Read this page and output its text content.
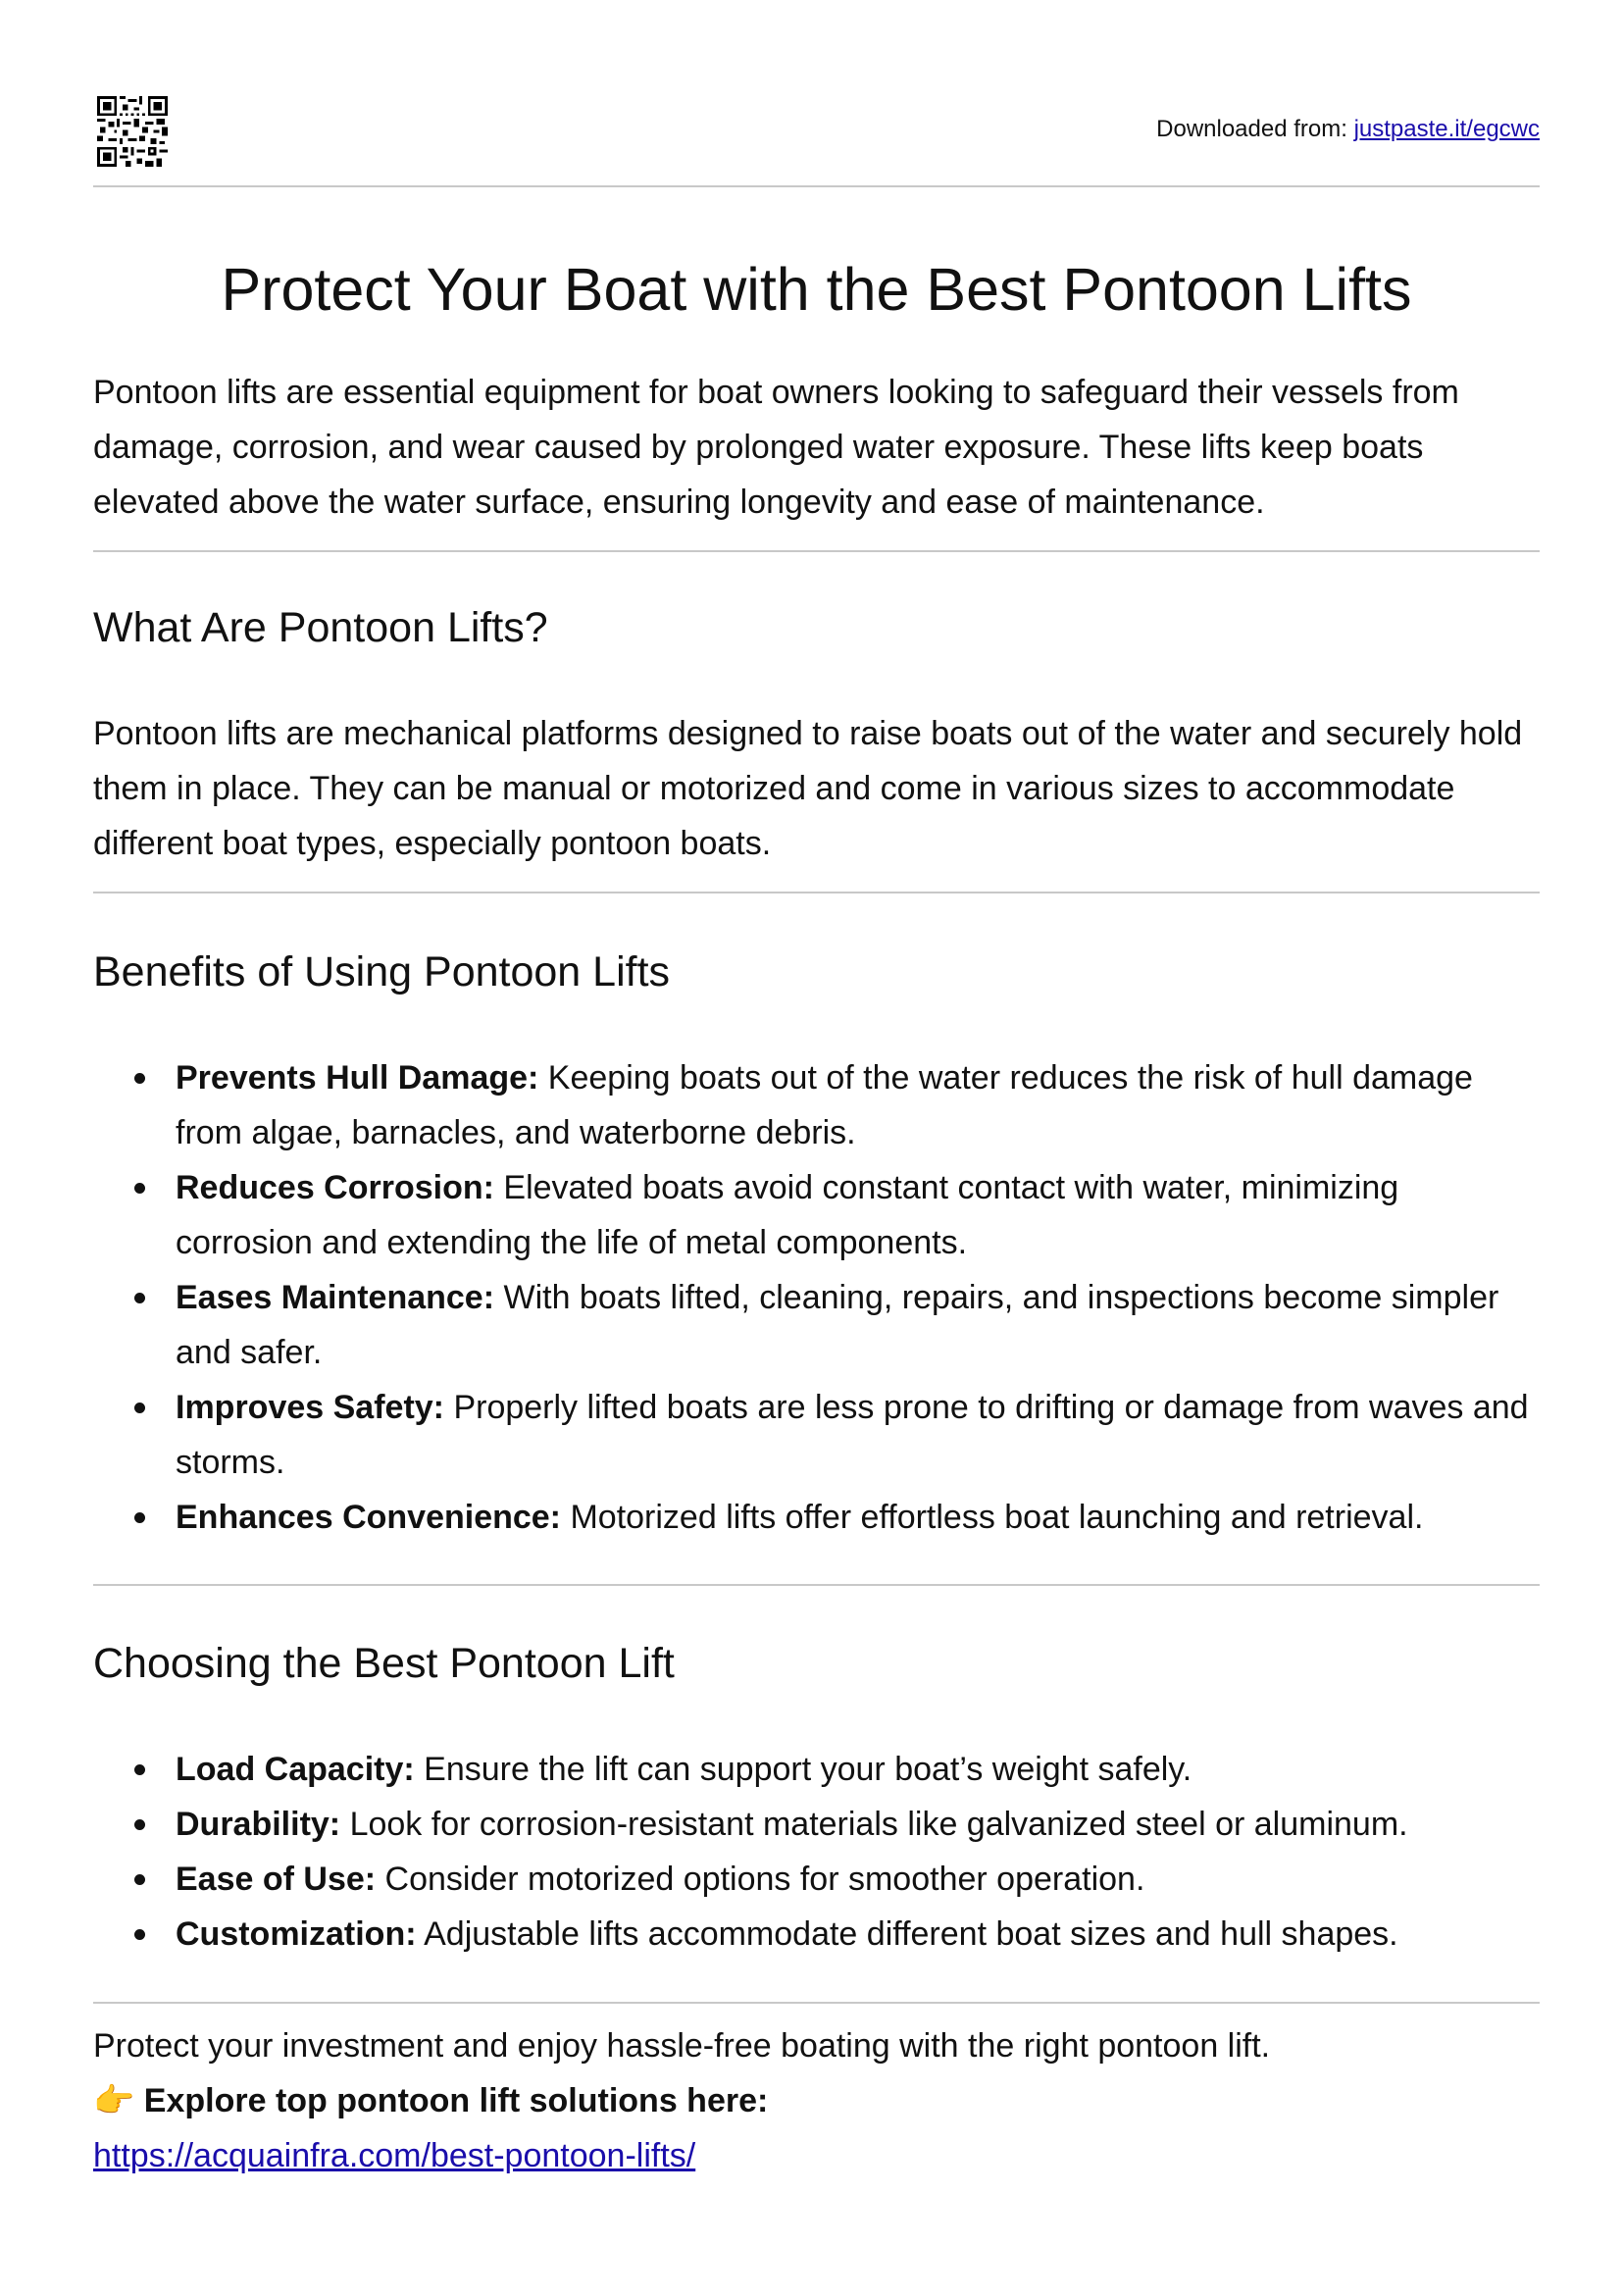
Downloaded from: justpaste.it/egcwc
Protect Your Boat with the Best Pontoon Lifts

Pontoon lifts are essential equipment for boat owners looking to safeguard their vessels from damage, corrosion, and wear caused by prolonged water exposure. These lifts keep boats elevated above the water surface, ensuring longevity and ease of maintenance.

What Are Pontoon Lifts?

Pontoon lifts are mechanical platforms designed to raise boats out of the water and securely hold them in place. They can be manual or motorized and come in various sizes to accommodate different boat types, especially pontoon boats.

Benefits of Using Pontoon Lifts
Prevents Hull Damage: Keeping boats out of the water reduces the risk of hull damage from algae, barnacles, and waterborne debris.
Reduces Corrosion: Elevated boats avoid constant contact with water, minimizing corrosion and extending the life of metal components.
Eases Maintenance: With boats lifted, cleaning, repairs, and inspections become simpler and safer.
Improves Safety: Properly lifted boats are less prone to drifting or damage from waves and storms.
Enhances Convenience: Motorized lifts offer effortless boat launching and retrieval.
Choosing the Best Pontoon Lift
Load Capacity: Ensure the lift can support your boat’s weight safely.
Durability: Look for corrosion-resistant materials like galvanized steel or aluminum.
Ease of Use: Consider motorized options for smoother operation.
Customization: Adjustable lifts accommodate different boat sizes and hull shapes.
Protect your investment and enjoy hassle-free boating with the right pontoon lift.
👉 Explore top pontoon lift solutions here:
https://acquainfra.com/best-pontoon-lifts/
